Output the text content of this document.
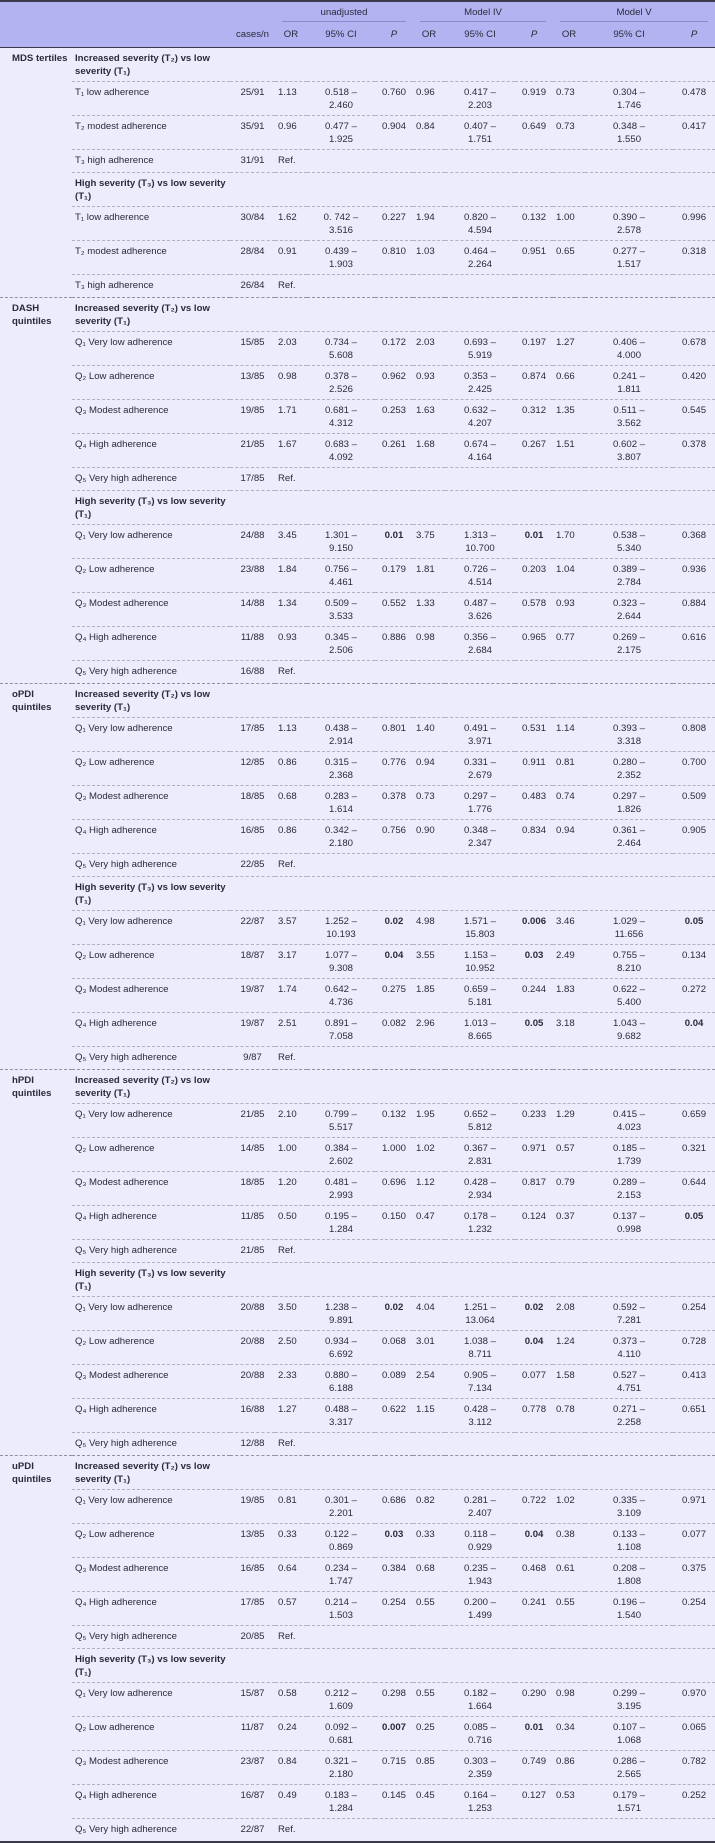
			unadjusted			Model IV			Model V		

		cases/n	OR	95% CI	P	OR	95% CI	P	OR	95% CI	P
MDS tertiles	Increased severity (T₂) vs low severity (T₁)										
	T₁ low adherence	25/91	1.13	0.518 – 2.460	0.760	0.96	0.417 – 2.203	0.919	0.73	0.304 – 1.746	0.478
	T₂ modest adherence	35/91	0.96	0.477 – 1.925	0.904	0.84	0.407 – 1.751	0.649	0.73	0.348 – 1.550	0.417
	T₃ high adherence	31/91	Ref.								
	High severity (T₃) vs low severity (T₁)										
	T₁ low adherence	30/84	1.62	0. 742 – 3.516	0.227	1.94	0.820 – 4.594	0.132	1.00	0.390 – 2.578	0.996
	T₂ modest adherence	28/84	0.91	0.439 – 1.903	0.810	1.03	0.464 – 2.264	0.951	0.65	0.277 – 1.517	0.318
	T₃ high adherence	26/84	Ref.								
DASH quintiles	Increased severity (T₂) vs low severity (T₁)										
	Q₁ Very low adherence	15/85	2.03	0.734 – 5.608	0.172	2.03	0.693 – 5.919	0.197	1.27	0.406 – 4.000	0.678
	Q₂ Low adherence	13/85	0.98	0.378 – 2.526	0.962	0.93	0.353 – 2.425	0.874	0.66	0.241 – 1.811	0.420
	Q₃ Modest adherence	19/85	1.71	0.681 – 4.312	0.253	1.63	0.632 – 4.207	0.312	1.35	0.511 – 3.562	0.545
	Q₄ High adherence	21/85	1.67	0.683 – 4.092	0.261	1.68	0.674 – 4.164	0.267	1.51	0.602 – 3.807	0.378
	Q₅ Very high adherence	17/85	Ref.								
	High severity (T₃) vs low severity (T₁)										
	Q₁ Very low adherence	24/88	3.45	1.301 – 9.150	0.01	3.75	1.313 – 10.700	0.01	1.70	0.538 – 5.340	0.368
	Q₂ Low adherence	23/88	1.84	0.756 – 4.461	0.179	1.81	0.726 – 4.514	0.203	1.04	0.389 – 2.784	0.936
	Q₃ Modest adherence	14/88	1.34	0.509 – 3.533	0.552	1.33	0.487 – 3.626	0.578	0.93	0.323 – 2.644	0.884
	Q₄ High adherence	11/88	0.93	0.345 – 2.506	0.886	0.98	0.356 – 2.684	0.965	0.77	0.269 – 2.175	0.616
	Q₅ Very high adherence	16/88	Ref.								
oPDI quintiles	Increased severity (T₂) vs low severity (T₁)										
	Q₁ Very low adherence	17/85	1.13	0.438 – 2.914	0.801	1.40	0.491 – 3.971	0.531	1.14	0.393 – 3.318	0.808
	Q₂ Low adherence	12/85	0.86	0.315 – 2.368	0.776	0.94	0.331 – 2.679	0.911	0.81	0.280 – 2.352	0.700
	Q₃ Modest adherence	18/85	0.68	0.283 – 1.614	0.378	0.73	0.297 – 1.776	0.483	0.74	0.297 – 1.826	0.509
	Q₄ High adherence	16/85	0.86	0.342 – 2.180	0.756	0.90	0.348 – 2.347	0.834	0.94	0.361 – 2.464	0.905
	Q₅ Very high adherence	22/85	Ref.								
	High severity (T₃) vs low severity (T₁)										
	Q₁ Very low adherence	22/87	3.57	1.252 – 10.193	0.02	4.98	1.571 – 15.803	0.006	3.46	1.029 – 11.656	0.05
	Q₂ Low adherence	18/87	3.17	1.077 – 9.308	0.04	3.55	1.153 – 10.952	0.03	2.49	0.755 – 8.210	0.134
	Q₃ Modest adherence	19/87	1.74	0.642 – 4.736	0.275	1.85	0.659 – 5.181	0.244	1.83	0.622 – 5.400	0.272
	Q₄ High adherence	19/87	2.51	0.891 – 7.058	0.082	2.96	1.013 – 8.665	0.05	3.18	1.043 – 9.682	0.04
	Q₅ Very high adherence	9/87	Ref.								
hPDI quintiles	Increased severity (T₂) vs low severity (T₁)										
	Q₁ Very low adherence	21/85	2.10	0.799 – 5.517	0.132	1.95	0.652 – 5.812	0.233	1.29	0.415 – 4.023	0.659
	Q₂ Low adherence	14/85	1.00	0.384 – 2.602	1.000	1.02	0.367 – 2.831	0.971	0.57	0.185 – 1.739	0.321
	Q₃ Modest adherence	18/85	1.20	0.481 – 2.993	0.696	1.12	0.428 – 2.934	0.817	0.79	0.289 – 2.153	0.644
	Q₄ High adherence	11/85	0.50	0.195 – 1.284	0.150	0.47	0.178 – 1.232	0.124	0.37	0.137 – 0.998	0.05
	Q₅ Very high adherence	21/85	Ref.								
	High severity (T₃) vs low severity (T₁)										
	Q₁ Very low adherence	20/88	3.50	1.238 – 9.891	0.02	4.04	1.251 – 13.064	0.02	2.08	0.592 – 7.281	0.254
	Q₂ Low adherence	20/88	2.50	0.934 – 6.692	0.068	3.01	1.038 – 8.711	0.04	1.24	0.373 – 4.110	0.728
	Q₃ Modest adherence	20/88	2.33	0.880 – 6.188	0.089	2.54	0.905 – 7.134	0.077	1.58	0.527 – 4.751	0.413
	Q₄ High adherence	16/88	1.27	0.488 – 3.317	0.622	1.15	0.428 – 3.112	0.778	0.78	0.271 – 2.258	0.651
	Q₅ Very high adherence	12/88	Ref.								
uPDI quintiles	Increased severity (T₂) vs low severity (T₁)										
	Q₁ Very low adherence	19/85	0.81	0.301 – 2.201	0.686	0.82	0.281 – 2.407	0.722	1.02	0.335 – 3.109	0.971
	Q₂ Low adherence	13/85	0.33	0.122 – 0.869	0.03	0.33	0.118 – 0.929	0.04	0.38	0.133 – 1.108	0.077
	Q₃ Modest adherence	16/85	0.64	0.234 – 1.747	0.384	0.68	0.235 – 1.943	0.468	0.61	0.208 – 1.808	0.375
	Q₄ High adherence	17/85	0.57	0.214 – 1.503	0.254	0.55	0.200 – 1.499	0.241	0.55	0.196 – 1.540	0.254
	Q₅ Very high adherence	20/85	Ref.								
	High severity (T₃) vs low severity (T₁)										
	Q₁ Very low adherence	15/87	0.58	0.212 – 1.609	0.298	0.55	0.182 – 1.664	0.290	0.98	0.299 – 3.195	0.970
	Q₂ Low adherence	11/87	0.24	0.092 – 0.681	0.007	0.25	0.085 – 0.716	0.01	0.34	0.107 – 1.068	0.065
	Q₃ Modest adherence	23/87	0.84	0.321 – 2.180	0.715	0.85	0.303 – 2.359	0.749	0.86	0.286 – 2.565	0.782
	Q₄ High adherence	16/87	0.49	0.183 – 1.284	0.145	0.45	0.164 – 1.253	0.127	0.53	0.179 – 1.571	0.252
	Q₅ Very high adherence	22/87	Ref.								
